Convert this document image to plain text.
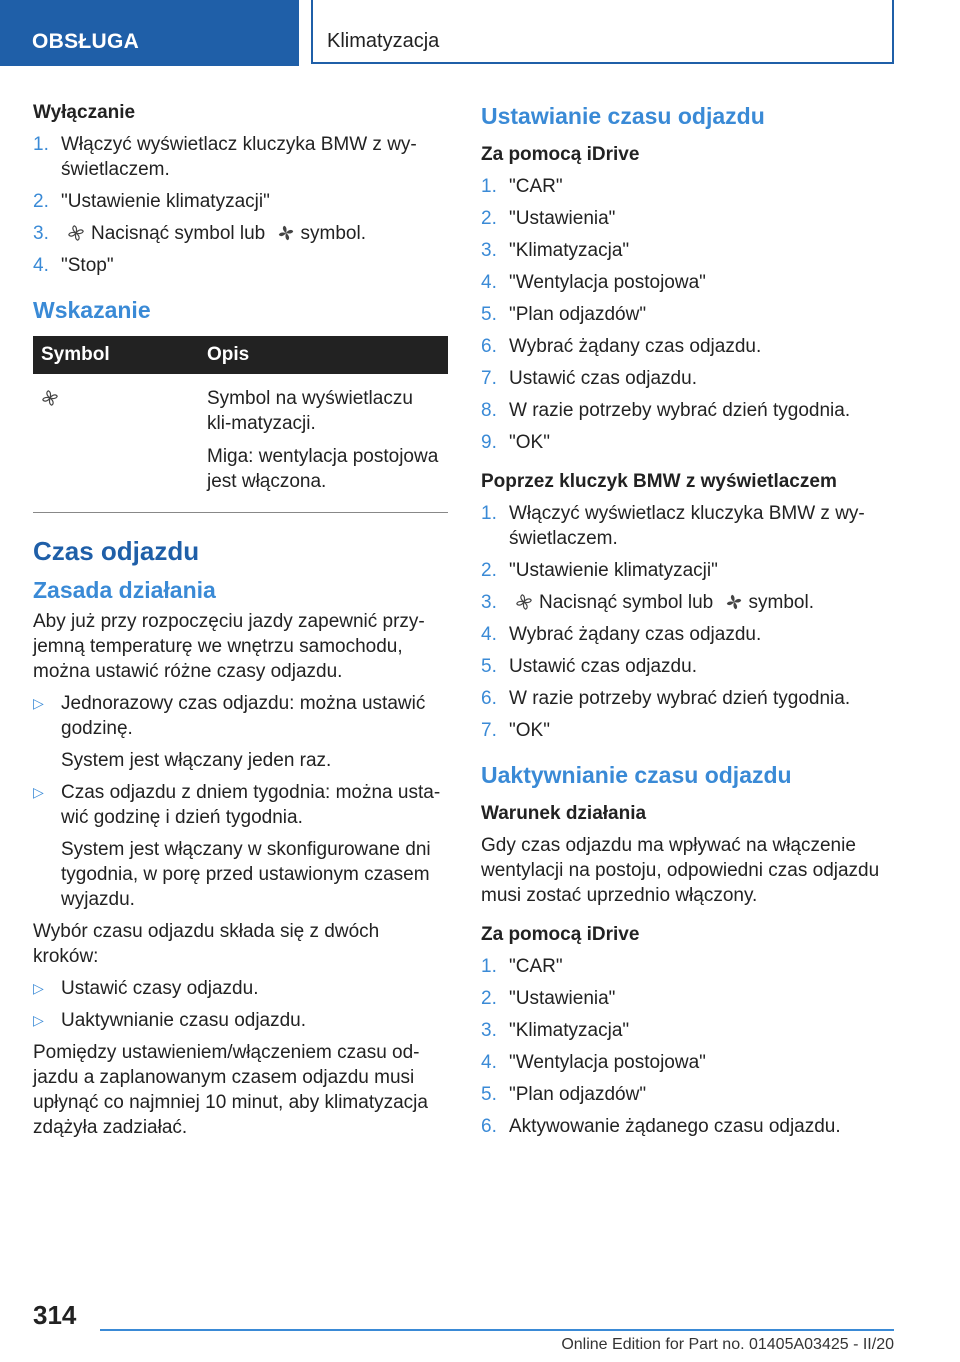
OBSŁUGA	Klimatyzacja
Wyłączanie
1. Włączyć wyświetlacz kluczyka BMW z wy-świetlaczem.
2. "Ustawienie klimatyzacji"
3. Nacisnąć symbol lub symbol.
4. "Stop"
Wskazanie
Symbol	Opis

Symbol na wyświetlaczu kli-matyzacji.

Miga: wentylacja postojowa jest włączona.

Czas odjazdu
Zasada działania

Aby już przy rozpoczęciu jazdy zapewnić przy-jemną temperaturę we wnętrzu samochodu, można ustawić różne czasy odjazdu.

▷ Jednorazowy czas odjazdu: można ustawić godzinę.

System jest włączany jeden raz.

▷ Czas odjazdu z dniem tygodnia: można usta-wić godzinę i dzień tygodnia.

System jest włączany w skonfigurowane dni tygodnia, w porę przed ustawionym czasem wyjazdu.

Wybór czasu odjazdu składa się z dwóch kroków:

▷ Ustawić czasy odjazdu.
▷ Uaktywnianie czasu odjazdu.

Pomiędzy ustawieniem/włączeniem czasu od-jazdu a zaplanowanym czasem odjazdu musi upłynąć co najmniej 10 minut, aby klimatyzacja zdążyła zadziałać.

Ustawianie czasu odjazdu
Za pomocą iDrive
1. "CAR"
2. "Ustawienia"
3. "Klimatyzacja"
4. "Wentylacja postojowa"
5. "Plan odjazdów"
6. Wybrać żądany czas odjazdu.
7. Ustawić czas odjazdu.
8. W razie potrzeby wybrać dzień tygodnia.
9. "OK"
Poprzez kluczyk BMW z wyświetlaczem
1. Włączyć wyświetlacz kluczyka BMW z wy-świetlaczem.
2. "Ustawienie klimatyzacji"
3. Nacisnąć symbol lub symbol.
4. Wybrać żądany czas odjazdu.
5. Ustawić czas odjazdu.
6. W razie potrzeby wybrać dzień tygodnia.
7. "OK"
Uaktywnianie czasu odjazdu
Warunek działania

Gdy czas odjazdu ma wpływać na włączenie wentylacji na postoju, odpowiedni czas odjazdu musi zostać uprzednio włączony.

Za pomocą iDrive
1. "CAR"
2. "Ustawienia"
3. "Klimatyzacja"
4. "Wentylacja postojowa"
5. "Plan odjazdów"
6. Aktywowanie żądanego czasu odjazdu.
314
Online Edition for Part no. 01405A03425 - II/20
